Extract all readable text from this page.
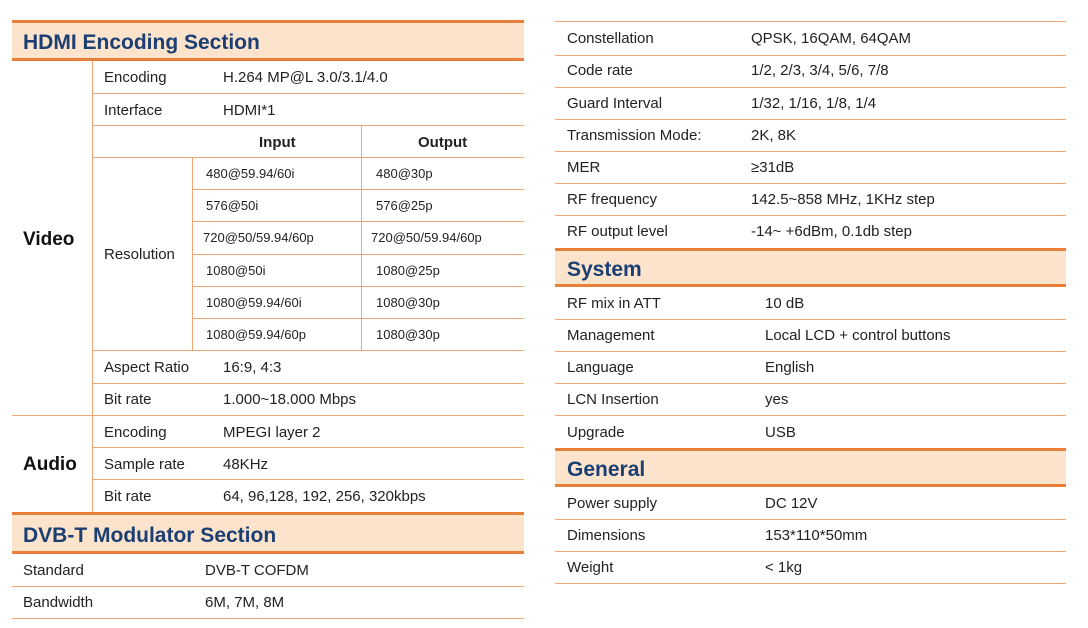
HDMI Encoding Section
Video
Audio
Encoding	H.264 MP@L 3.0/3.1/4.0
Interface	HDMI*1
Input	Output
Resolution
480@59.94/60i	480@30p
576@50i	576@25p
720@50/59.94/60p	720@50/59.94/60p
1080@50i	1080@25p
1080@59.94/60i	1080@30p
1080@59.94/60p	1080@30p
Aspect Ratio 16:9, 4:3
Bit rate	1.000~18.000 Mbps
Encoding	MPEGI layer 2
Sample rate	48KHz
Bit rate	64, 96,128, 192, 256, 320kbps
DVB-T Modulator Section
Standard	DVB-T COFDM
Bandwidth	6M, 7M, 8M
Constellation	QPSK, 16QAM, 64QAM
Code rate	1/2, 2/3, 3/4, 5/6, 7/8
Guard Interval	1/32, 1/16, 1/8, 1/4
Transmission Mode:	2K, 8K
MER	≥31dB
RF frequency	142.5~858 MHz, 1KHz step
RF output level	-14~ +6dBm, 0.1db step
System
RF mix in ATT	10 dB
Management	Local LCD + control buttons
Language	English
LCN Insertion	yes
Upgrade	USB
General
Power supply	DC 12V
Dimensions	153*110*50mm
Weight	< 1kg
